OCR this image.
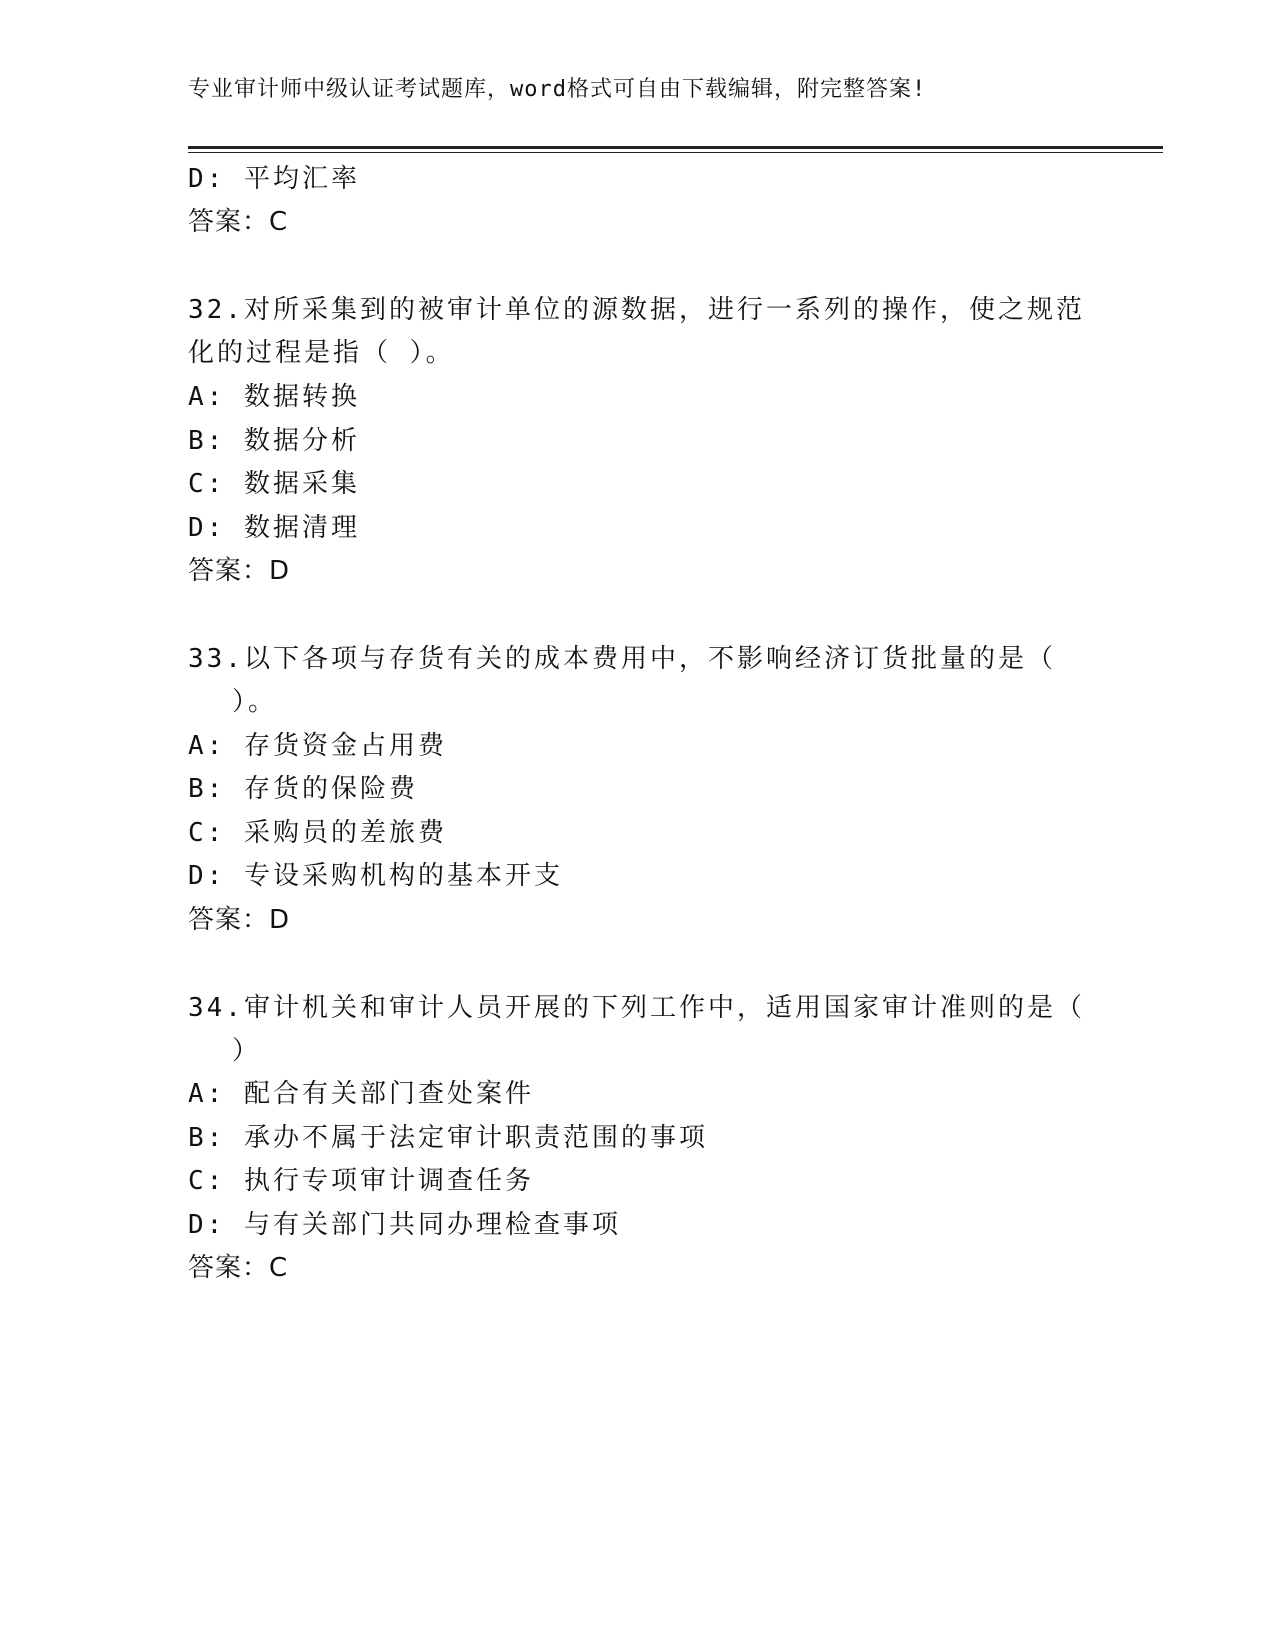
专业审计师中级认证考试题库，word格式可自由下载编辑，附完整答案!
D: 平均汇率
答案：C
32.对所采集到的被审计单位的源数据，进行一系列的操作，使之规范
化的过程是指（ ）。
A: 数据转换
B: 数据分析
C: 数据采集
D: 数据清理
答案：D
33.以下各项与存货有关的成本费用中，不影响经济订货批量的是（
）。
A: 存货资金占用费
B: 存货的保险费
C: 采购员的差旅费
D: 专设采购机构的基本开支
答案：D
34.审计机关和审计人员开展的下列工作中，适用国家审计准则的是（
）
A: 配合有关部门查处案件
B: 承办不属于法定审计职责范围的事项
C: 执行专项审计调查任务
D: 与有关部门共同办理检查事项
答案：C
